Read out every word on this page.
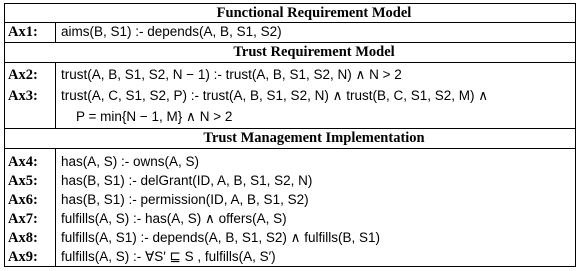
Functional Requirement Model
Ax1:	aims(B, S1) :- depends(A, B, S1, S2)
Trust Requirement Model
Ax2:	trust(A, B, S1, S2, N − 1) :- trust(A, B, S1, S2, N) ∧ N > 2
Ax3:	trust(A, C, S1, S2, P) :- trust(A, B, S1, S2, N) ∧ trust(B, C, S1, S2, M) ∧
P = min{N − 1, M} ∧ N > 2
Trust Management Implementation
Ax4:	has(A, S) :- owns(A, S)
Ax5:	has(B, S1) :- delGrant(ID, A, B, S1, S2, N)
Ax6:	has(B, S1) :- permission(ID, A, B, S1, S2)
Ax7:	fulfills(A, S) :- has(A, S) ∧ offers(A, S)
Ax8:	fulfills(A, S1) :- depends(A, B, S1, S2) ∧ fulfills(B, S1)
Ax9:	fulfills(A, S) :- ∀S′ ⊑ S , fulfills(A, S′)
